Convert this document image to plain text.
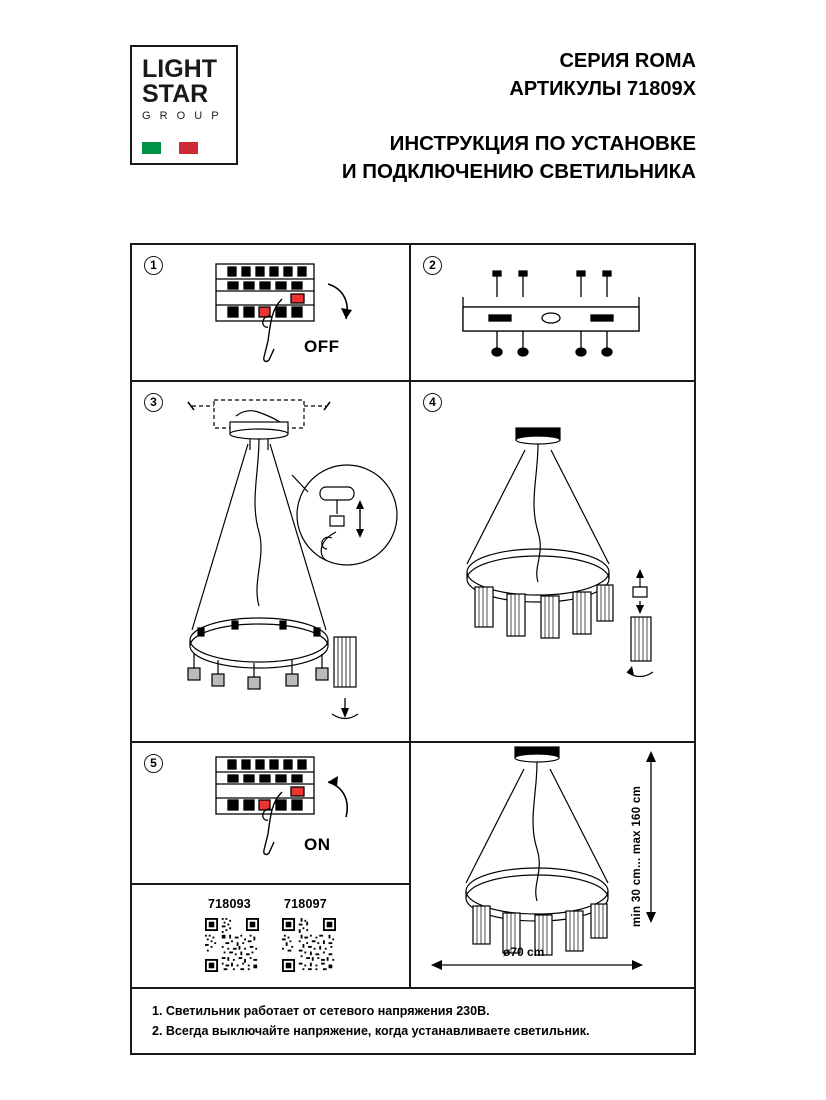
LIGHT
STAR
G R O U P
СЕРИЯ ROMA
АРТИКУЛЫ 71809X
ИНСТРУКЦИЯ ПО УСТАНОВКЕ
И ПОДКЛЮЧЕНИЮ СВЕТИЛЬНИКА
1
OFF
2
3	4
5
ON
718093	718097	min 30 cm... max 160 cm
ø70 cm
1. Светильник работает от сетевого напряжения 230В.
2. Всегда выключайте напряжение, когда устанавливаете светильник.
